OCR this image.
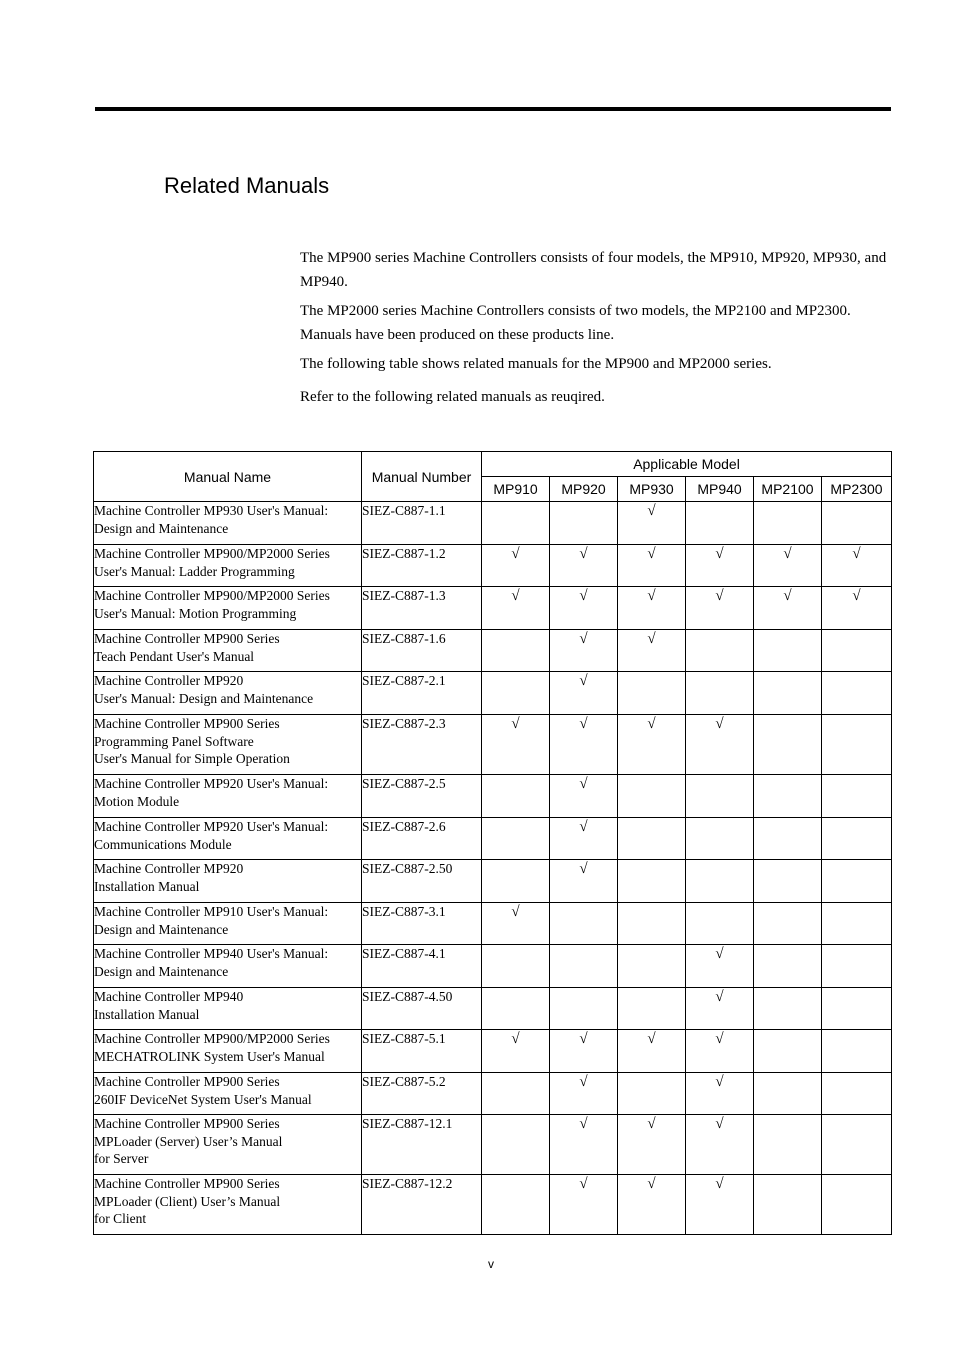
Related Manuals

The MP900 series Machine Controllers consists of four models, the MP910, MP920, MP930, and MP940.

The MP2000 series Machine Controllers consists of two models, the MP2100 and MP2300. Manuals have been produced on these products line.

The following table shows related manuals for the MP900 and MP2000 series.

Refer to the following related manuals as reuqired.

Manual Name	Manual Number	Applicable Model					
		MP910	MP920	MP930	MP940	MP2100	MP2300

Machine Controller MP930 User's Manual:
Design and Maintenance	SIEZ-C887-1.1			√			

Machine Controller MP900/MP2000 Series
User's Manual: Ladder Programming	SIEZ-C887-1.2	√	√	√	√	√	√

Machine Controller MP900/MP2000 Series
User's Manual: Motion Programming	SIEZ-C887-1.3	√	√	√	√	√	√

Machine Controller MP900 Series
Teach Pendant User's Manual	SIEZ-C887-1.6		√	√			

Machine Controller MP920
User's Manual: Design and Maintenance	SIEZ-C887-2.1		√				

Machine Controller MP900 Series
Programming Panel Software
User's Manual for Simple Operation	SIEZ-C887-2.3	√	√	√	√		

Machine Controller MP920 User's Manual:
Motion Module	SIEZ-C887-2.5		√				

Machine Controller MP920 User's Manual:
Communications Module	SIEZ-C887-2.6		√				

Machine Controller MP920
Installation Manual	SIEZ-C887-2.50		√				

Machine Controller MP910 User's Manual:
Design and Maintenance	SIEZ-C887-3.1	√					

Machine Controller MP940 User's Manual:
Design and Maintenance	SIEZ-C887-4.1				√		

Machine Controller MP940
Installation Manual	SIEZ-C887-4.50				√		

Machine Controller MP900/MP2000 Series
MECHATROLINK System User's Manual	SIEZ-C887-5.1	√	√	√	√		

Machine Controller MP900 Series
260IF DeviceNet System User's Manual	SIEZ-C887-5.2		√		√		

Machine Controller MP900 Series
MPLoader (Server) User’s Manual
for Server	SIEZ-C887-12.1		√	√	√		

Machine Controller MP900 Series
MPLoader (Client) User’s Manual
for Client	SIEZ-C887-12.2		√	√	√		
v
